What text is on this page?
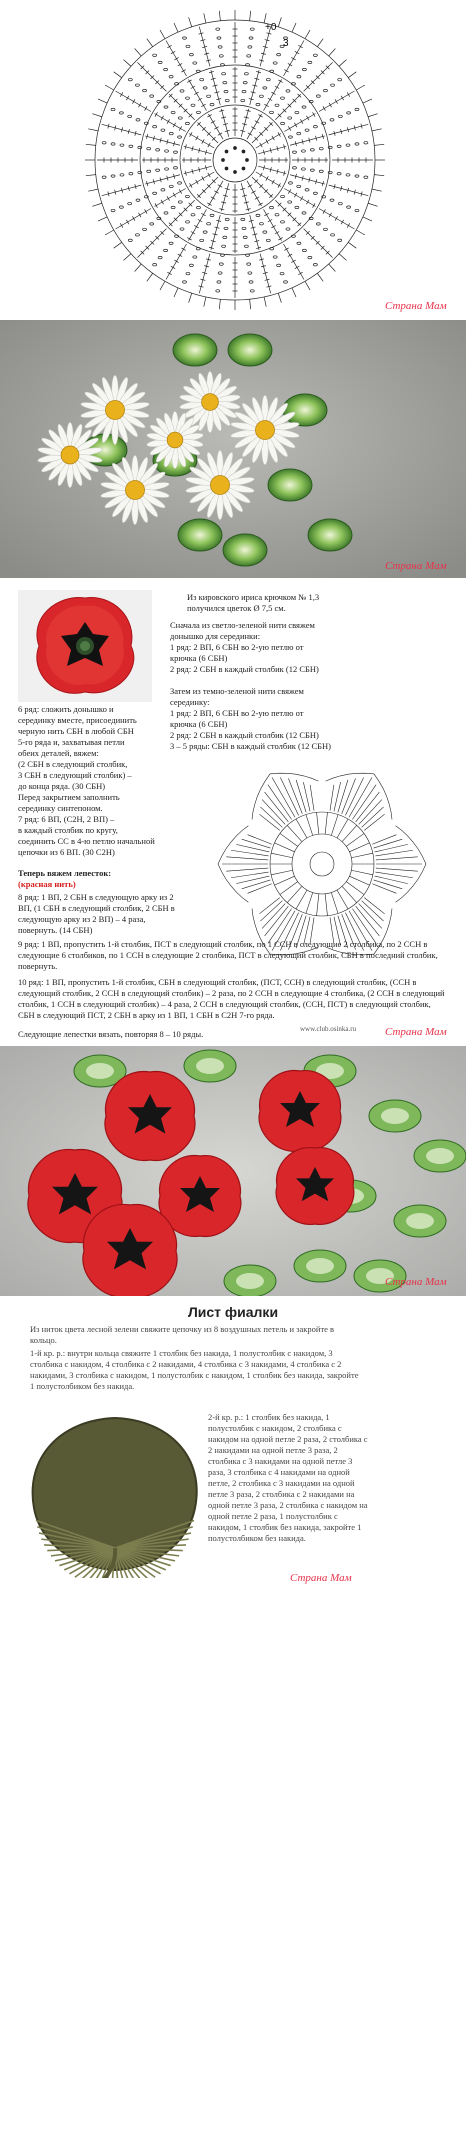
+0
3
Страна Мам
Страна Мам
Из кировского ириса крючком № 1,3
получился цветок Ø 7,5 см.
Сначала из светло-зеленой нити свяжем
донышко для серединки:
1 ряд: 2 ВП, 6 СБН во 2-ую петлю от
крючка (6 СБН)
2 ряд: 2 СБН в каждый столбик (12 СБН)

Затем из темно-зеленой нити свяжем
серединку:
1 ряд: 2 ВП, 6 СБН во 2-ую петлю от
крючка (6 СБН)
2 ряд: 2 СБН в каждый столбик (12 СБН)
3 – 5 ряды: СБН в каждый столбик (12 СБН)
6 ряд: сложить донышко и
серединку вместе, присоединить
черную нить СБН в любой СБН
5-го ряда и, захватывая петли
обеих деталей, вяжем:
(2 СБН в следующий столбик,
3 СБН в следующий столбик) –
до конца ряда. (30 СБН)
Перед закрытием заполнить
серединку синтепоном.
7 ряд: 6 ВП, (С2Н, 2 ВП) –
в каждый столбик по кругу,
соединить СС в 4-ю петлю начальной
цепочки из 6 ВП. (30 С2Н)
Теперь вяжем лепесток:
(красная нить)
8 ряд: 1 ВП, 2 СБН в следующую арку из 2 ВП, (1 СБН в следующий столбик, 2 СБН в следующую арку из 2 ВП) – 4 раза, повернуть. (14 СБН)
9 ряд: 1 ВП, пропустить 1-й столбик, ПСТ в следующий столбик, по 1 ССН в следующие 2 столбика, по 2 ССН в следующие 6 столбиков, по 1 ССН в следующие 2 столбика, ПСТ в следующий столбик, СБН в последний столбик, повернуть.
10 ряд: 1 ВП, пропустить 1-й столбик, СБН в следующий столбик, (ПСТ, ССН) в следующий столбик, (ССН в следующий столбик, 2 ССН в следующий столбик) – 2 раза, по 2 ССН в следующие 4 столбика, (2 ССН в следующий столбик, 1 ССН в следующий столбик) – 4 раза, 2 ССН в следующий столбик, (ССН, ПСТ) в следующий столбик, СБН в следующий ПСТ, 2 СБН в арку из 1 ВП, 1 СБН в С2Н 7-го ряда.
Следующие лепестки вязать, повторяя 8 – 10 ряды.	www.club.osinka.ru	Страна Мам
Страна Мам
Лист фиалки
Из ниток цвета лесной зелени свяжите цепочку из 8 воздушных петель и закройте в кольцо.
1-й кр. р.: внутри кольца свяжите 1 столбик без накида, 1 полустолбик с накидом, 3 столбика с накидом, 4 столбика с 2 накидами, 4 столбика с 3 накидами, 4 столбика с 2 накидами, 3 столбика с накидом, 1 полустолбик с накидом, 1 столбик без накида, закройте 1 полустолбиком без накида.
2-й кр. р.: 1 столбик без накида, 1 полустолбик с накидом, 2 столбика с накидом на одной петле 2 раза, 2 столбика с 2 накидами на одной петле 3 раза, 2 столбика с 3 накидами на одной петле 3 раза, 3 столбика с 4 накидами на одной петле, 2 столбика с 3 накидами на одной петле 3 раза, 2 столбика с 2 накидами на одной петле 3 раза, 2 столбика с накидом на одной петле 2 раза, 1 полустолбик с накидом, 1 столбик без накида, закройте 1 полустолбиком без накида.
Страна Мам
